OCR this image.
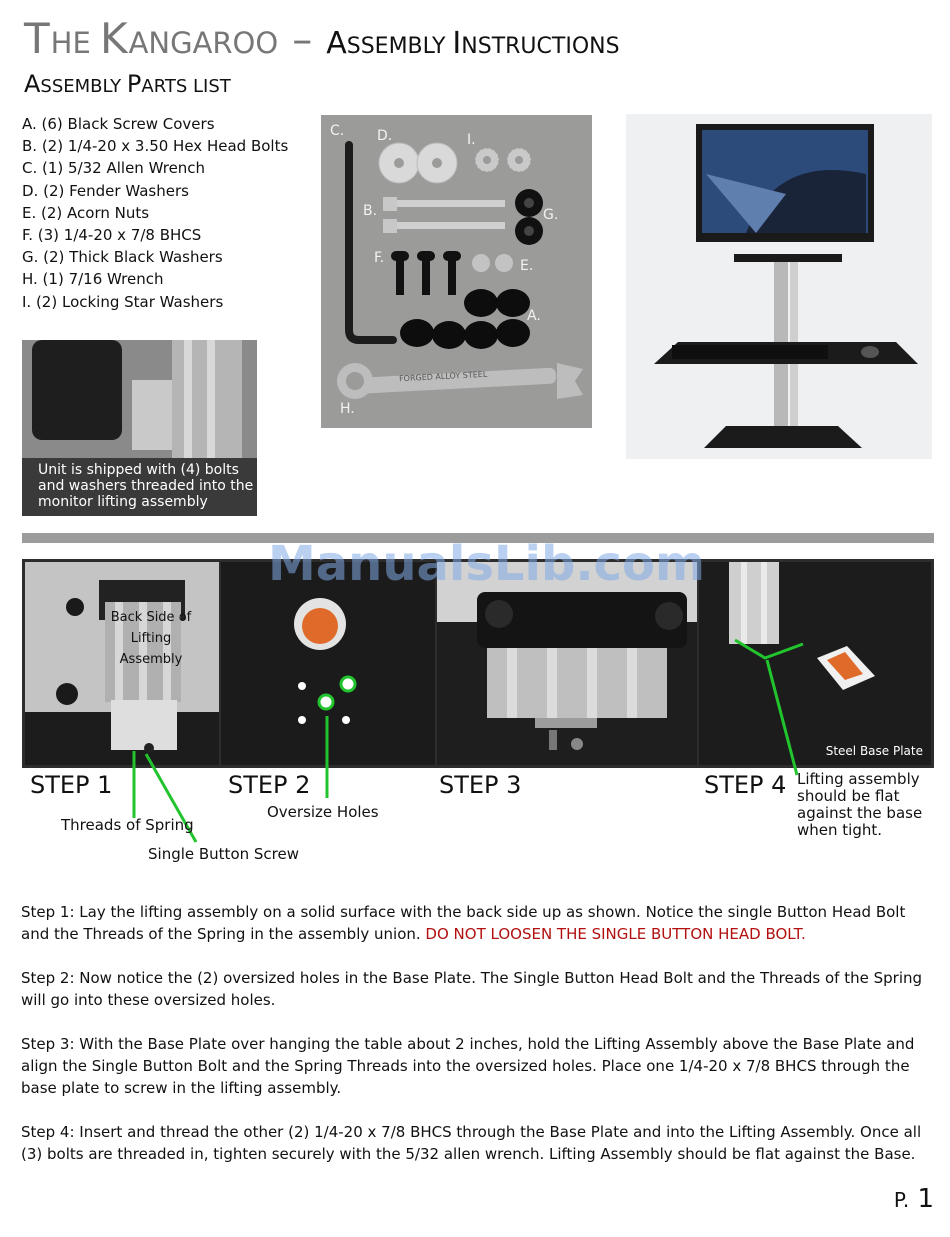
THE KANGAROO – ASSEMBLY INSTRUCTIONS
ASSEMBLY PARTS LIST
A. (6) Black Screw Covers
B. (2) 1/4-20 x 3.50 Hex Head Bolts
C. (1) 5/32 Allen Wrench
D. (2) Fender Washers
E. (2) Acorn Nuts
F. (3) 1/4-20 x 7/8 BHCS
G. (2) Thick Black Washers
H. (1) 7/16 Wrench
I. (2) Locking Star Washers
C. D.	I.
B.	G.
F.	E.
A.
H.
FORGED ALLOY STEEL
Unit is shipped with (4) bolts and washers threaded into the monitor lifting assembly
Back Side of Lifting Assembly
Steel Base Plate
ManualsLib.com
STEP 1	STEP 2	STEP 3	STEP 4
Threads of Spring
Single Button Screw
Oversize Holes
Lifting assembly should be flat against the base when tight.

Step 1: Lay the lifting assembly on a solid surface with the back side up as shown. Notice the single Button Head Bolt and the Threads of the Spring in the assembly union. DO NOT LOOSEN THE SINGLE BUTTON HEAD BOLT.

Step 2: Now notice the (2) oversized holes in the Base Plate. The Single Button Head Bolt and the Threads of the Spring will go into these oversized holes.

Step 3: With the Base Plate over hanging the table about 2 inches, hold the Lifting Assembly above the Base Plate and align the Single Button Bolt and the Spring Threads into the oversized holes. Place one 1/4-20 x 7/8 BHCS through the base plate to screw in the lifting assembly.

Step 4: Insert and thread the other (2) 1/4-20 x 7/8 BHCS through the Base Plate and into the Lifting Assembly. Once all (3) bolts are threaded in, tighten securely with the 5/32 allen wrench. Lifting Assembly should be flat against the Base.

P. 1
